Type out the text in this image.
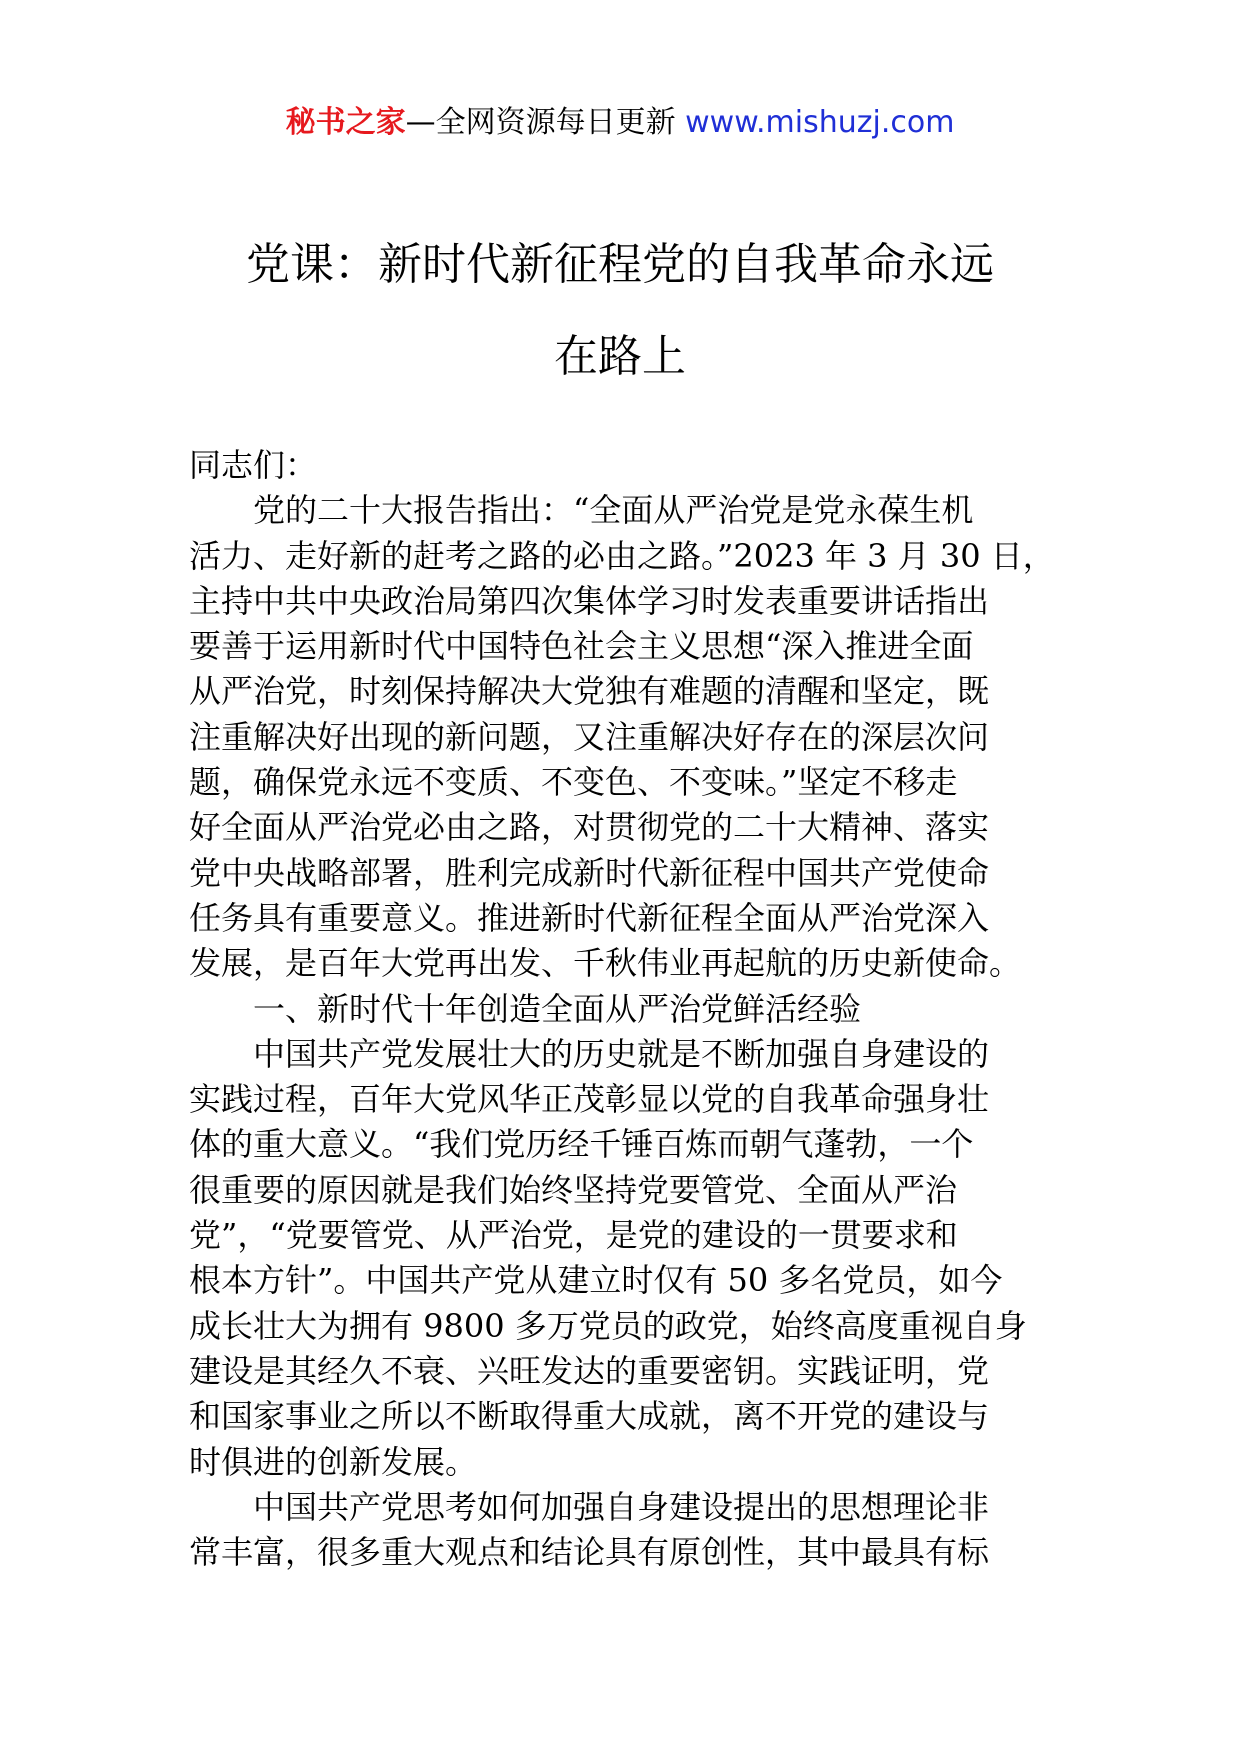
秘书之家—全网资源每日更新 www.mishuzj.com
党课：新时代新征程党的自我革命永远
在路上
同志们：
党的二十大报告指出：“全面从严治党是党永葆生机
活力、走好新的赶考之路的必由之路。”2023 年 3 月 30 日，
主持中共中央政治局第四次集体学习时发表重要讲话指出
要善于运用新时代中国特色社会主义思想“深入推进全面
从严治党，时刻保持解决大党独有难题的清醒和坚定，既
注重解决好出现的新问题，又注重解决好存在的深层次问
题，确保党永远不变质、不变色、不变味。”坚定不移走
好全面从严治党必由之路，对贯彻党的二十大精神、落实
党中央战略部署，胜利完成新时代新征程中国共产党使命
任务具有重要意义。推进新时代新征程全面从严治党深入
发展，是百年大党再出发、千秋伟业再起航的历史新使命。
一、新时代十年创造全面从严治党鲜活经验
中国共产党发展壮大的历史就是不断加强自身建设的
实践过程，百年大党风华正茂彰显以党的自我革命强身壮
体的重大意义。“我们党历经千锤百炼而朝气蓬勃，一个
很重要的原因就是我们始终坚持党要管党、全面从严治
党”，“党要管党、从严治党，是党的建设的一贯要求和
根本方针”。中国共产党从建立时仅有 50 多名党员，如今
成长壮大为拥有 9800 多万党员的政党，始终高度重视自身
建设是其经久不衰、兴旺发达的重要密钥。实践证明，党
和国家事业之所以不断取得重大成就，离不开党的建设与
时俱进的创新发展。
中国共产党思考如何加强自身建设提出的思想理论非
常丰富，很多重大观点和结论具有原创性，其中最具有标
